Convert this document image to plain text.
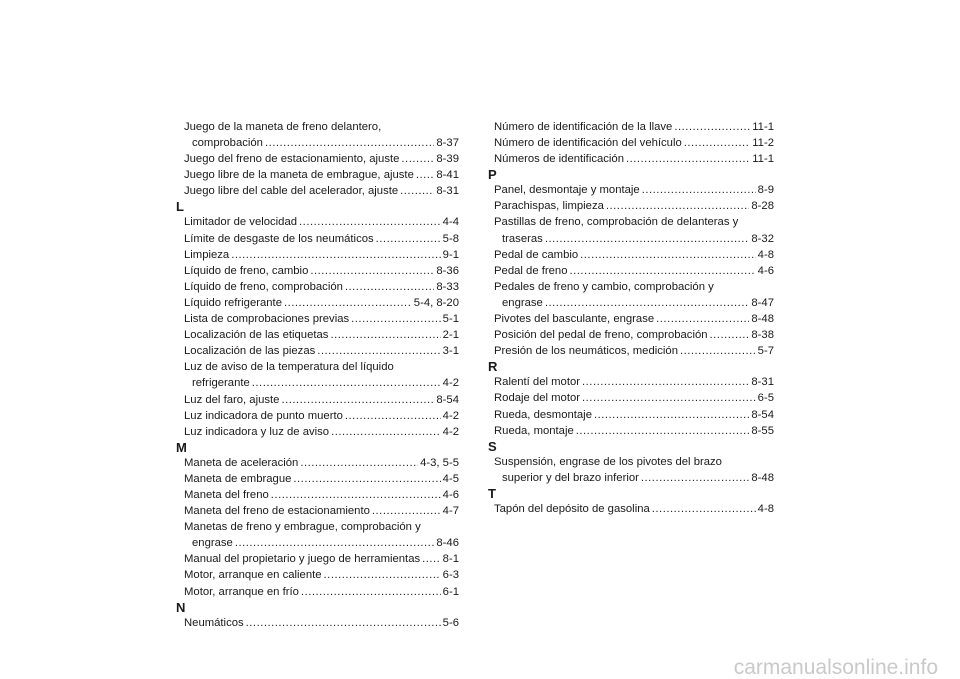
Juego de la maneta de freno delantero,
comprobación .....	8-37
Juego del freno de estacionamiento, ajuste .....	8-39
Juego libre de la maneta de embrague, ajuste ..... 8-41
Juego libre del cable del acelerador, ajuste .....	8-31
L
Limitador de velocidad .....	4-4
Límite de desgaste de los neumáticos .....	5-8
Limpieza .....	9-1
Líquido de freno, cambio .....	8-36
Líquido de freno, comprobación .....	8-33
Líquido refrigerante .....	5-4, 8-20
Lista de comprobaciones previas .....	5-1
Localización de las etiquetas .....	2-1
Localización de las piezas .....	3-1
Luz de aviso de la temperatura del líquido
refrigerante .....	4-2
Luz del faro, ajuste .....	8-54
Luz indicadora de punto muerto .....	4-2
Luz indicadora y luz de aviso .....	4-2
M
Maneta de aceleración .....	4-3, 5-5
Maneta de embrague .....	4-5
Maneta del freno .....	4-6
Maneta del freno de estacionamiento .....	4-7
Manetas de freno y embrague, comprobación y
engrase .....	8-46
Manual del propietario y juego de herramientas ..... 8-1
Motor, arranque en caliente .....	6-3
Motor, arranque en frío .....	6-1
N
Neumáticos .....	5-6
Número de identificación de la llave .....	11-1
Número de identificación del vehículo .....	11-2
Números de identificación .....	11-1
P
Panel, desmontaje y montaje .....	8-9
Parachispas, limpieza .....	8-28
Pastillas de freno, comprobación de delanteras y
traseras .....	8-32
Pedal de cambio .....	4-8
Pedal de freno .....	4-6
Pedales de freno y cambio, comprobación y
engrase .....	8-47
Pivotes del basculante, engrase .....	8-48
Posición del pedal de freno, comprobación .....	8-38
Presión de los neumáticos, medición .....	5-7
R
Ralentí del motor .....	8-31
Rodaje del motor .....	6-5
Rueda, desmontaje .....	8-54
Rueda, montaje .....	8-55
S
Suspensión, engrase de los pivotes del brazo
superior y del brazo inferior .....	8-48
T
Tapón del depósito de gasolina .....	4-8
carmanualsonline.info
